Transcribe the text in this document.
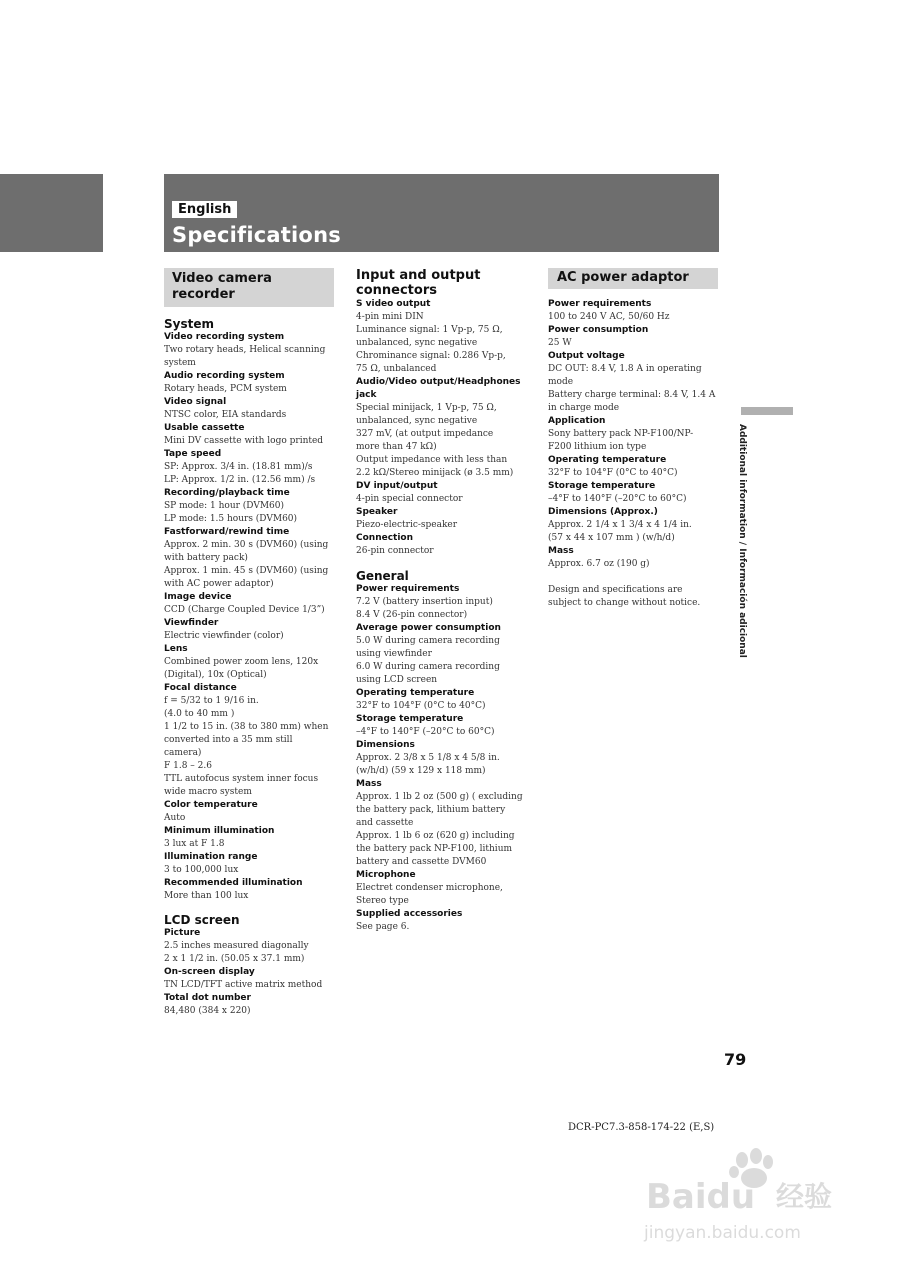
English
Specifications
Video camera recorder
System
Video recording system
Two rotary heads, Helical scanning
system
Audio recording system
Rotary heads, PCM system
Video signal
NTSC color, EIA standards
Usable cassette
Mini DV cassette with logo printed
Tape speed
SP: Approx. 3/4 in. (18.81 mm)/s
LP: Approx. 1/2 in. (12.56 mm) /s
Recording/playback time
SP mode: 1 hour (DVM60)
LP mode: 1.5 hours (DVM60)
Fastforward/rewind time
Approx. 2 min. 30 s (DVM60) (using
with battery pack)
Approx. 1 min. 45 s (DVM60) (using
with AC power adaptor)
Image device
CCD (Charge Coupled Device 1/3”)
Viewfinder
Electric viewfinder (color)
Lens
Combined power zoom lens, 120x
(Digital), 10x (Optical)
Focal distance
f = 5/32 to 1 9/16 in.
(4.0 to 40 mm )
1 1/2 to 15 in. (38 to 380 mm) when
converted into a 35 mm still
camera)
F 1.8 – 2.6
TTL autofocus system inner focus
wide macro system
Color temperature
Auto
Minimum illumination
3 lux at F 1.8
Illumination range
3 to 100,000 lux
Recommended illumination
More than 100 lux
LCD screen
Picture
2.5 inches measured diagonally
2 x 1 1/2 in. (50.05 x 37.1 mm)
On-screen display
TN LCD/TFT active matrix method
Total dot number
84,480 (384 x 220)
Input and output connectors
S video output
4-pin mini DIN
Luminance signal: 1 Vp-p, 75 Ω,
unbalanced, sync negative
Chrominance signal: 0.286 Vp-p,
75 Ω, unbalanced
Audio/Video output/Headphones jack
Special minijack, 1 Vp-p, 75 Ω,
unbalanced, sync negative
327 mV, (at output impedance
more than 47 kΩ)
Output impedance with less than
2.2 kΩ/Stereo minijack (ø 3.5 mm)
DV input/output
4-pin special connector
Speaker
Piezo-electric-speaker
Connection
26-pin connector
General
Power requirements
7.2 V (battery insertion input)
8.4 V (26-pin connector)
Average power consumption
5.0 W during camera recording
using viewfinder
6.0 W during camera recording
using LCD screen
Operating temperature
32°F to 104°F (0°C to 40°C)
Storage temperature
–4°F to 140°F (–20°C to 60°C)
Dimensions
Approx. 2 3/8 x 5 1/8 x 4 5/8 in.
(w/h/d) (59 x 129 x 118 mm)
Mass
Approx. 1 lb 2 oz (500 g) ( excluding
the battery pack, lithium battery
and cassette
Approx. 1 lb 6 oz (620 g) including
the battery pack NP-F100, lithium
battery and cassette DVM60
Microphone
Electret condenser microphone,
Stereo type
Supplied accessories
See page 6.
AC power adaptor
Power requirements
100 to 240 V AC, 50/60 Hz
Power consumption
25 W
Output voltage
DC OUT: 8.4 V, 1.8 A in operating
mode
Battery charge terminal: 8.4 V, 1.4 A
in charge mode
Application
Sony battery pack NP-F100/NP-
F200 lithium ion type
Operating temperature
32°F to 104°F (0°C to 40°C)
Storage temperature
–4°F to 140°F (–20°C to 60°C)
Dimensions (Approx.)
Approx. 2 1/4 x 1 3/4 x 4 1/4 in.
(57 x 44 x 107 mm ) (w/h/d)
Mass
Approx. 6.7 oz (190 g)
Design and specifications are
subject to change without notice.	Additional information / Información adicional
79
DCR-PC7.3-858-174-22 (E,S)
Baidu 经验
jingyan.baidu.com
